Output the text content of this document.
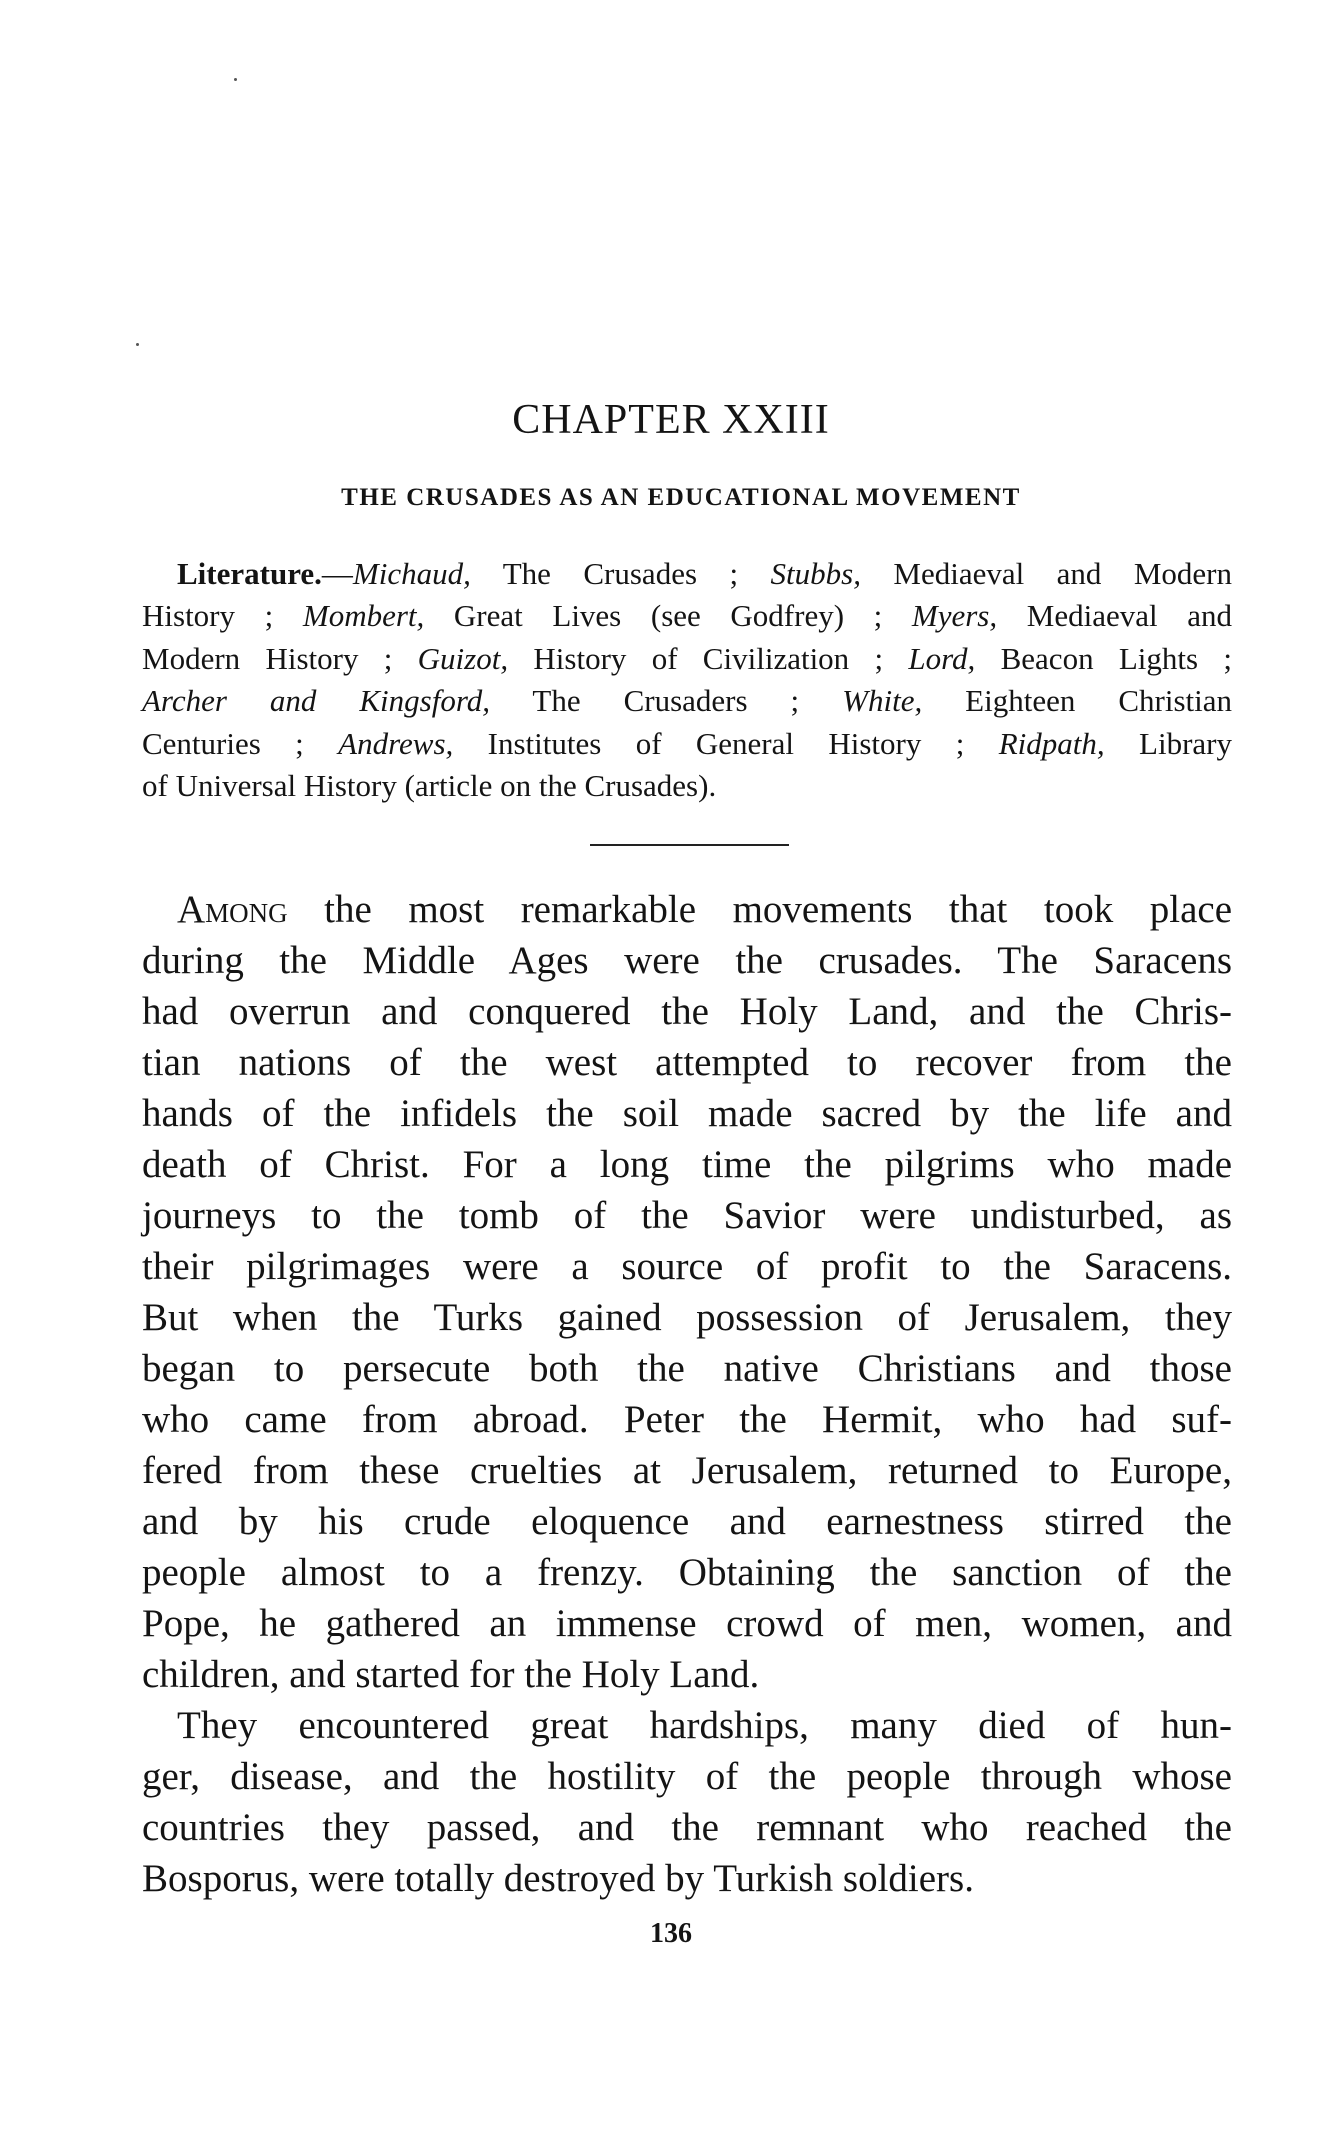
CHAPTER XXIII
THE CRUSADES AS AN EDUCATIONAL MOVEMENT
Literature.—Michaud, The Crusades ; Stubbs, Mediaeval and Modern
History ; Mombert, Great Lives (see Godfrey) ; Myers, Mediaeval and
Modern History ; Guizot, History of Civilization ; Lord, Beacon Lights ;
Archer and Kingsford, The Crusaders ; White, Eighteen Christian
Centuries ; Andrews, Institutes of General History ; Ridpath, Library
of Universal History (article on the Crusades).
Among the most remarkable movements that took place
during the Middle Ages were the crusades. The Saracens
had overrun and conquered the Holy Land, and the Chris-
tian nations of the west attempted to recover from the
hands of the infidels the soil made sacred by the life and
death of Christ. For a long time the pilgrims who made
journeys to the tomb of the Savior were undisturbed, as
their pilgrimages were a source of profit to the Saracens.
But when the Turks gained possession of Jerusalem, they
began to persecute both the native Christians and those
who came from abroad. Peter the Hermit, who had suf-
fered from these cruelties at Jerusalem, returned to Europe,
and by his crude eloquence and earnestness stirred the
people almost to a frenzy. Obtaining the sanction of the
Pope, he gathered an immense crowd of men, women, and
children, and started for the Holy Land.
They encountered great hardships, many died of hun-
ger, disease, and the hostility of the people through whose
countries they passed, and the remnant who reached the
Bosporus, were totally destroyed by Turkish soldiers.
136
